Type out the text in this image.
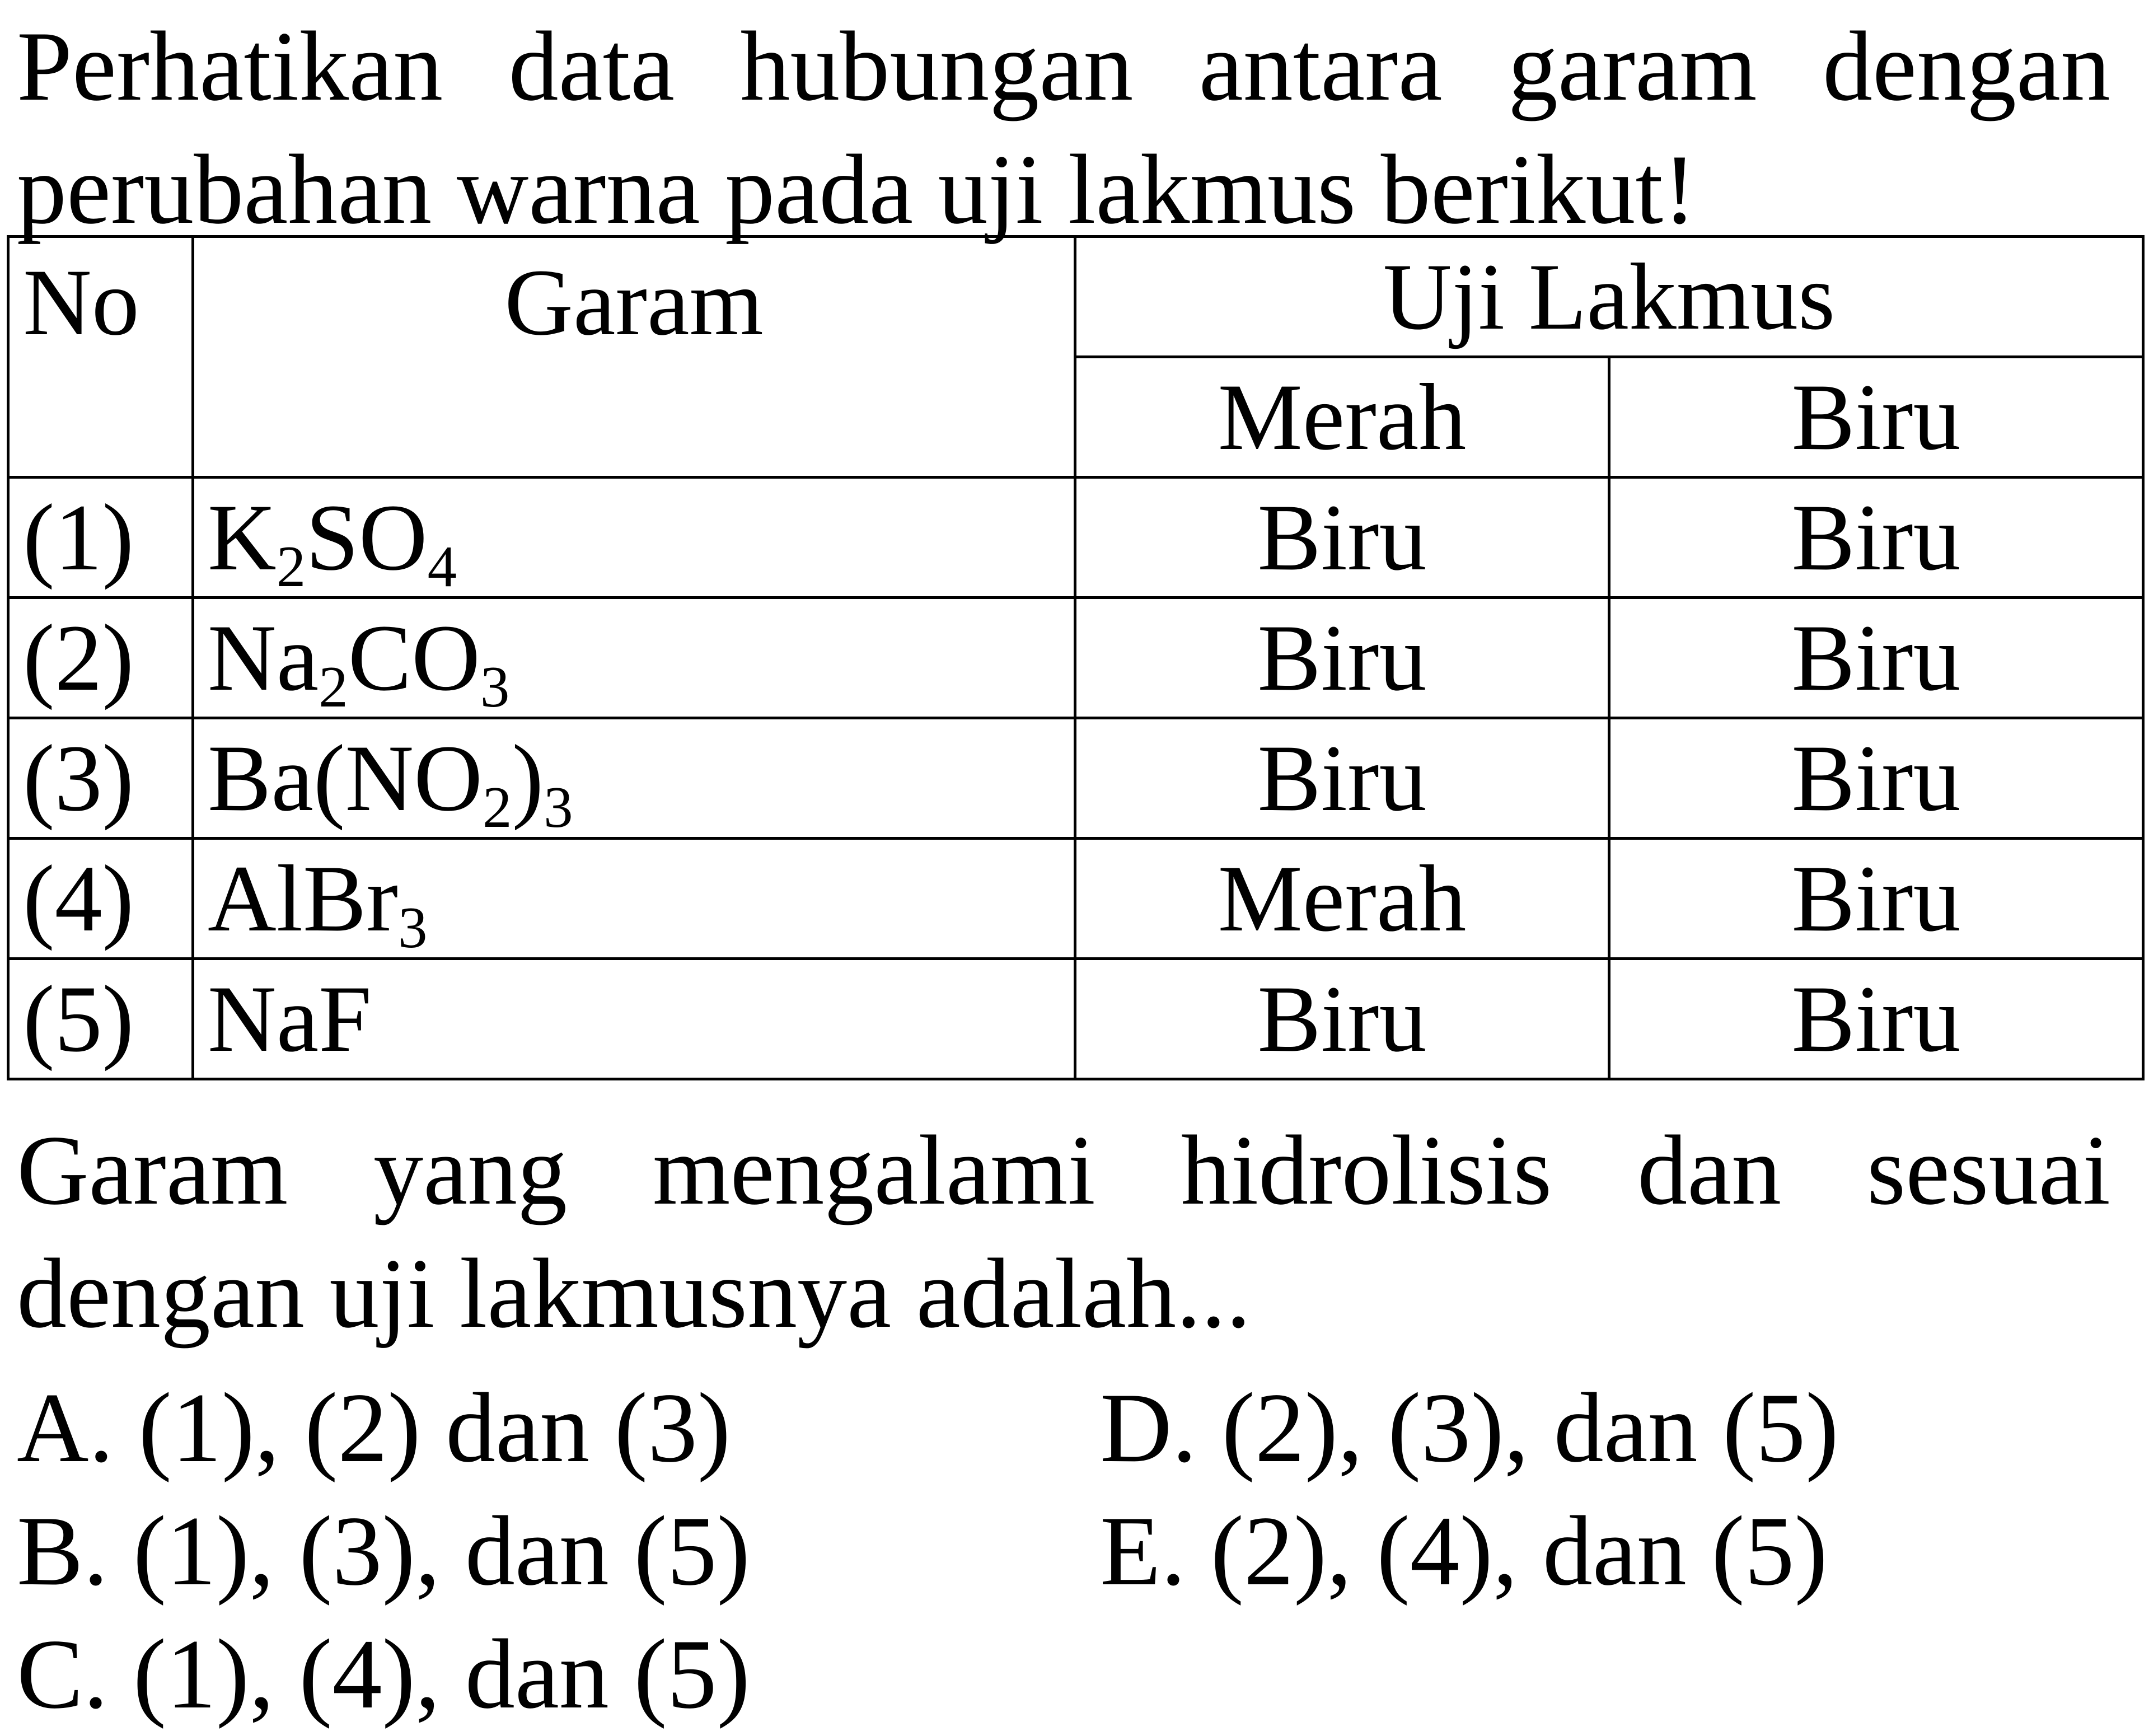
Perhatikan data hubungan antara garam dengan perubahan warna pada uji lakmus berikut!
No	Garam	Uji Lakmus	
		Merah	Biru
(1)	$K_2SO_4$	Biru	Biru
(2)	$Na_2CO_3$	Biru	Biru
(3)	$Ba(NO_2)_3$	Biru	Biru
(4)	AlBr$_3$	Merah	Biru
(5)	NaF	Biru	Biru
Garam yang mengalami hidrolisis dan sesuai dengan uji lakmusnya adalah...
A. (1), (2) dan (3)	D. (2), (3), dan (5)
B. (1), (3), dan (5)	E. (2), (4), dan (5)
C. (1), (4), dan (5)
